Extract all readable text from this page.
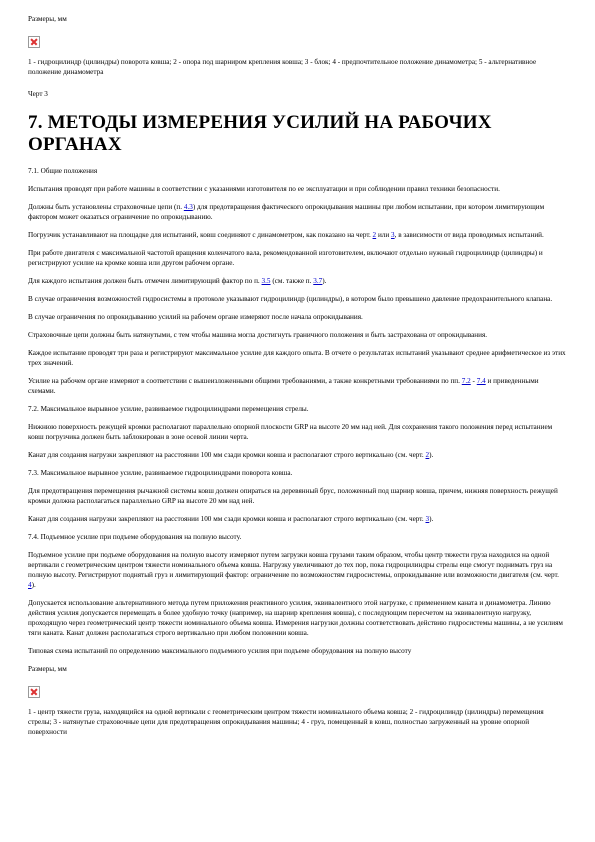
Размеры, мм

1 - гидроцилиндр (цилиндры) поворота ковша; 2 - опора под шарниром крепления ковша; 3 - блок; 4 - предпочтительное положение динамометра; 5 - альтернативное положение динамометра

Черт 3

7. МЕТОДЫ ИЗМЕРЕНИЯ УСИЛИЙ НА РАБОЧИХ ОРГАНАХ

7.1. Общие положения

Испытания проводят при работе машины в соответствии с указаниями изготовителя по ее эксплуатации и при соблюдении правил техники безопасности.

Должны быть установлены страховочные цепи (п. 4.3) для предотвращения фактического опрокидывания машины при любом испытании, при котором лимитирующим фактором может оказаться ограничение по опрокидыванию.

Погрузчик устанавливают на площадке для испытаний, ковш соединяют с динамометром, как показано на черт. 2 или 3, в зависимости от вида проводимых испытаний.

При работе двигателя с максимальной частотой вращения коленчатого вала, рекомендованной изготовителем, включают отдельно нужный гидроцилиндр (цилиндры) и регистрируют усилие на кромке ковша или другом рабочем органе.

Для каждого испытания должен быть отмечен лимитирующий фактор по п. 3.5 (см. также п. 3.7).

В случае ограничения возможностей гидросистемы в протоколе указывают гидроцилиндр (цилиндры), в котором было превышено давление предохранительного клапана.

В случае ограничения по опрокидыванию усилий на рабочем органе измеряют после начала опрокидывания.

Страховочные цепи должны быть натянутыми, с тем чтобы машина могла достигнуть граничного положения и быть застрахована от опрокидывания.

Каждое испытание проводят три раза и регистрируют максимальное усилие для каждого опыта. В отчете о результатах испытаний указывают среднее арифметическое из этих трех значений.

Усилие на рабочем органе измеряют в соответствии с вышеизложенными общими требованиями, а также конкретными требованиями по пп. 7.2 - 7.4 и приведенными схемами.

7.2. Максимальное вырывное усилие, развиваемое гидроцилиндрами перемещения стрелы.

Нижнюю поверхность режущей кромки располагают параллельно опорной плоскости GRP на высоте 20 мм над ней. Для сохранения такого положения перед испытанием ковш погрузчика должен быть заблокирован в зоне осевой линии черта.

Канат для создания нагрузки закрепляют на расстоянии 100 мм сзади кромки ковша и располагают строго вертикально (см. черт. 2).

7.3. Максимальное вырывное усилие, развиваемое гидроцилиндрами поворота ковша.

Для предотвращения перемещения рычажной системы ковш должен опираться на деревянный брус, положенный под шарнир ковша, причем, нижняя поверхность режущей кромки должна располагаться параллельно GRP на высоте 20 мм над ней.

Канат для создания нагрузки закрепляют на расстоянии 100 мм сзади кромки ковша и располагают строго вертикально (см. черт. 3).

7.4. Подъемное усилие при подъеме оборудования на полную высоту.

Подъемное усилие при подъеме оборудования на полную высоту измеряют путем загрузки ковша грузами таким образом, чтобы центр тяжести груза находился на одной вертикали с геометрическим центром тяжести номинального объема ковша. Нагрузку увеличивают до тех пор, пока гидроцилиндры стрелы еще смогут поднимать груз на полную высоту. Регистрируют поднятый груз и лимитирующий фактор: ограничение по возможностям гидросистемы, опрокидывание или возможности двигателя (см. черт. 4).

Допускается использование альтернативного метода путем приложения реактивного усилия, эквивалентного этой нагрузке, с применением каната и динамометра. Линию действия усилия допускается перемещать в более удобную точку (например, на шарнир крепления ковша), с последующим пересчетом на эквивалентную нагрузку, проходящую через геометрический центр тяжести номинального объема ковша. Измерения нагрузки должны соответствовать действию гидросистемы машины, а не усилиям тяги каната. Канат должен располагаться строго вертикально при любом положении ковша.

Типовая схема испытаний по определению максимального подъемного усилия при подъеме оборудования на полную высоту

Размеры, мм

1 - центр тяжести груза, находящийся на одной вертикали с геометрическим центром тяжести номинального объема ковша; 2 - гидроцилиндр (цилиндры) перемещения стрелы; 3 - натянутые страховочные цепи для предотвращения опрокидывания машины; 4 - груз, помещенный в ковш, полностью загруженный на уровне опорной поверхности
